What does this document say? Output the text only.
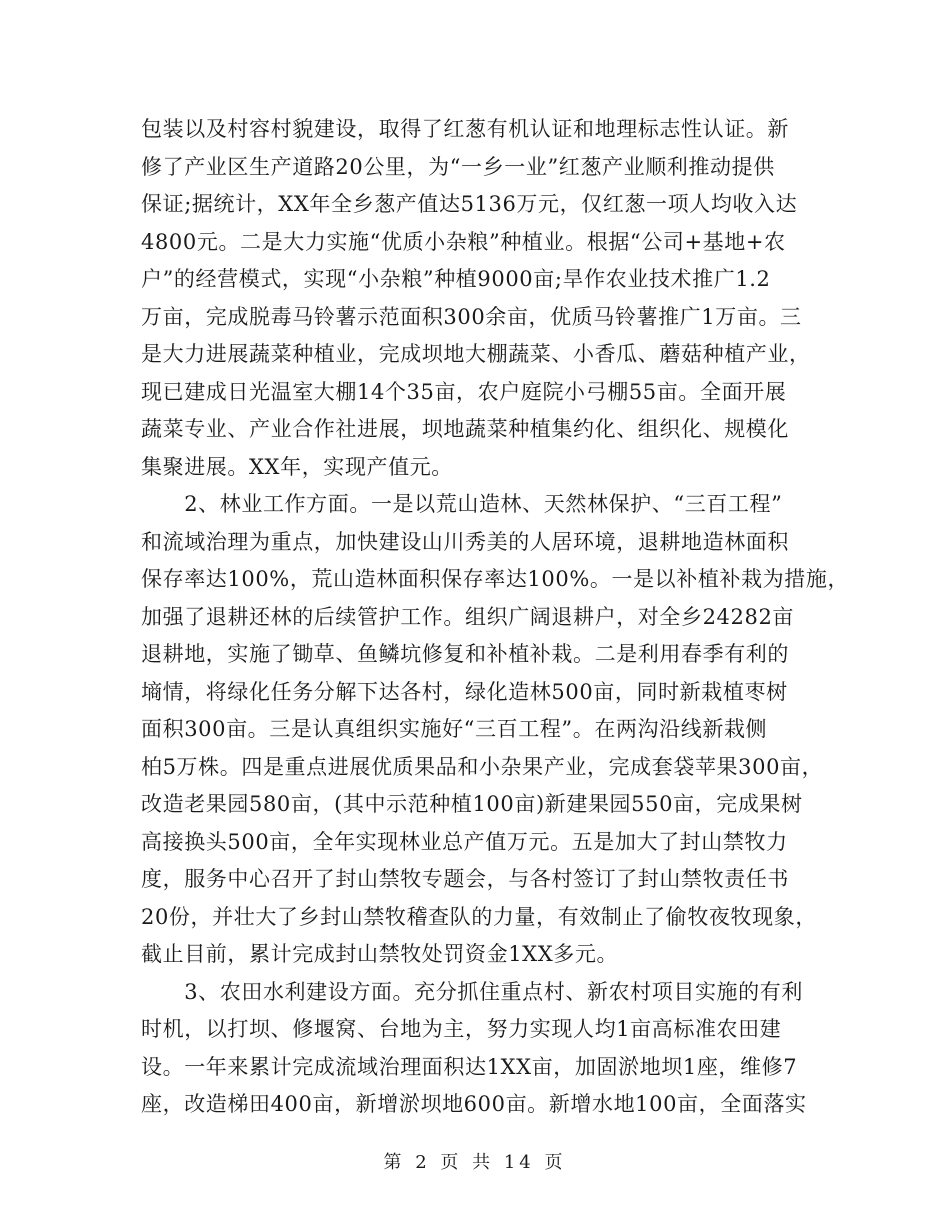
包装以及村容村貌建设，取得了红葱有机认证和地理标志性认证。新
修了产业区生产道路20公里，为“一乡一业”红葱产业顺利推动提供
保证;据统计，XX年全乡葱产值达5136万元，仅红葱一项人均收入达
4800元。二是大力实施“优质小杂粮”种植业。根据“公司+基地+农
户”的经营模式，实现“小杂粮”种植9000亩;旱作农业技术推广1.2
万亩，完成脱毒马铃薯示范面积300余亩，优质马铃薯推广1万亩。三
是大力进展蔬菜种植业，完成坝地大棚蔬菜、小香瓜、蘑菇种植产业，
现已建成日光温室大棚14个35亩，农户庭院小弓棚55亩。全面开展
蔬菜专业、产业合作社进展，坝地蔬菜种植集约化、组织化、规模化
集聚进展。XX年，实现产值元。
　　2、林业工作方面。一是以荒山造林、天然林保护、“三百工程”
和流域治理为重点，加快建设山川秀美的人居环境，退耕地造林面积
保存率达100%，荒山造林面积保存率达100%。一是以补植补栽为措施，
加强了退耕还林的后续管护工作。组织广阔退耕户，对全乡24282亩
退耕地，实施了锄草、鱼鳞坑修复和补植补栽。二是利用春季有利的
墒情，将绿化任务分解下达各村，绿化造林500亩，同时新栽植枣树
面积300亩。三是认真组织实施好“三百工程”。在两沟沿线新栽侧
柏5万株。四是重点进展优质果品和小杂果产业，完成套袋苹果300亩，
改造老果园580亩，(其中示范种植100亩)新建果园550亩，完成果树
高接换头500亩，全年实现林业总产值万元。五是加大了封山禁牧力
度，服务中心召开了封山禁牧专题会，与各村签订了封山禁牧责任书
20份，并壮大了乡封山禁牧稽查队的力量，有效制止了偷牧夜牧现象，
截止目前，累计完成封山禁牧处罚资金1XX多元。
　　3、农田水利建设方面。充分抓住重点村、新农村项目实施的有利
时机，以打坝、修堰窝、台地为主，努力实现人均1亩高标准农田建
设。一年来累计完成流域治理面积达1XX亩，加固淤地坝1座，维修7
座，改造梯田400亩，新增淤坝地600亩。新增水地100亩，全面落实
第 2 页 共 14 页
